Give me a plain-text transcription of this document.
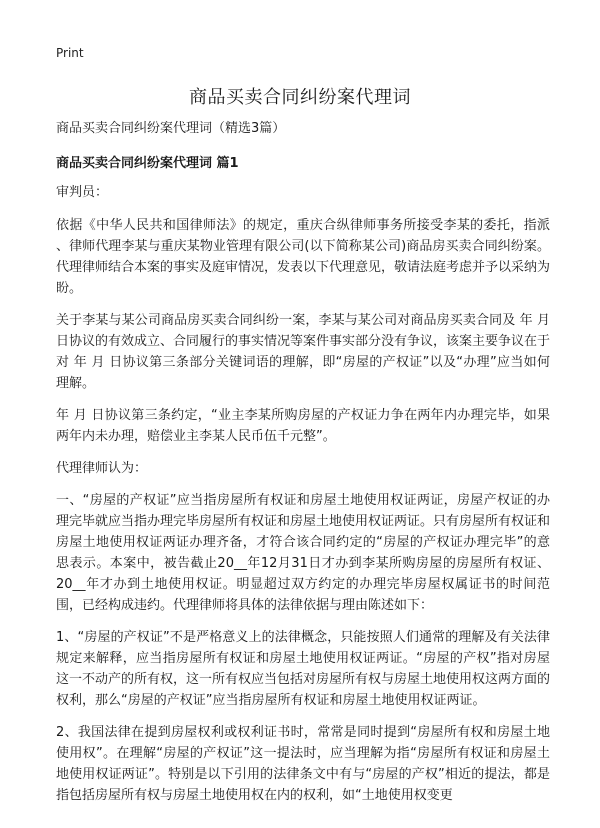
Print
商品买卖合同纠纷案代理词

商品买卖合同纠纷案代理词（精选3篇）

商品买卖合同纠纷案代理词 篇1

审判员：

依据《中华人民共和国律师法》的规定，重庆合纵律师事务所接受李某的委托，指派 、律师代理李某与重庆某物业管理有限公司(以下简称某公司)商品房买卖合同纠纷案。代理律师结合本案的事实及庭审情况，发表以下代理意见，敬请法庭考虑并予以采纳为盼。

关于李某与某公司商品房买卖合同纠纷一案，李某与某公司对商品房买卖合同及 年 月 日协议的有效成立、合同履行的事实情况等案件事实部分没有争议，该案主要争议在于对 年 月 日协议第三条部分关键词语的理解，即“房屋的产权证”以及“办理”应当如何理解。

年 月 日协议第三条约定，“业主李某所购房屋的产权证力争在两年内办理完毕，如果两年内未办理，赔偿业主李某人民币伍千元整”。

代理律师认为：

一、“房屋的产权证”应当指房屋所有权证和房屋土地使用权证两证，房屋产权证的办理完毕就应当指办理完毕房屋所有权证和房屋土地使用权证两证。只有房屋所有权证和房屋土地使用权证两证办理齐备，才符合该合同约定的“房屋的产权证办理完毕”的意思表示。本案中，被告截止20__年12月31日才办到李某所购房屋的房屋所有权证、20__年才办到土地使用权证。明显超过双方约定的办理完毕房屋权属证书的时间范围，已经构成违约。代理律师将具体的法律依据与理由陈述如下：

1、“房屋的产权证”不是严格意义上的法律概念，只能按照人们通常的理解及有关法律规定来解释，应当指房屋所有权证和房屋土地使用权证两证。“房屋的产权”指对房屋这一不动产的所有权，这一所有权应当包括对房屋所有权与房屋土地使用权这两方面的权利，那么“房屋的产权证”应当指房屋所有权证和房屋土地使用权证两证。

2、我国法律在提到房屋权利或权利证书时，常常是同时提到“房屋所有权和房屋土地使用权”。在理解“房屋的产权证”这一提法时，应当理解为指“房屋所有权证和房屋土地使用权证两证”。特别是以下引用的法律条文中有与“房屋的产权”相近的提法，都是指包括房屋所有权与房屋土地使用权在内的权利，如“土地使用权变更
